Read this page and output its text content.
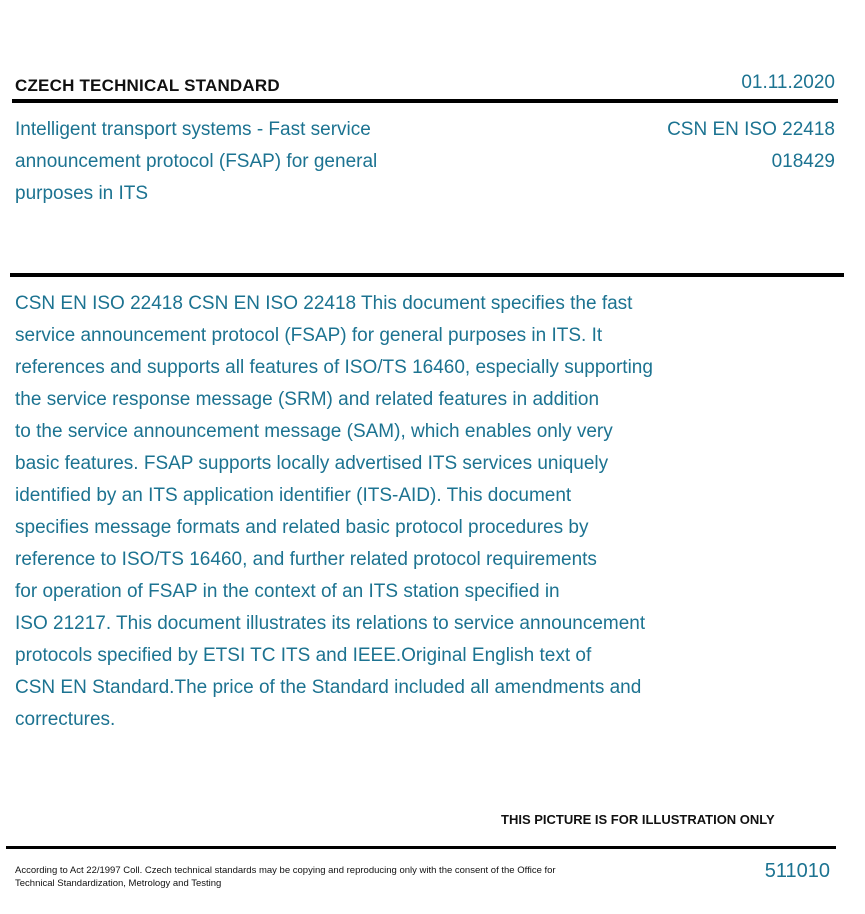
CZECH TECHNICAL STANDARD	01.11.2020
Intelligent transport systems - Fast service announcement protocol (FSAP) for general purposes in ITS
CSN EN ISO 22418
018429
CSN EN ISO 22418 CSN EN ISO 22418 This document specifies the fast
service announcement protocol (FSAP) for general purposes in ITS. It
references and supports all features of ISO/TS 16460, especially supporting
the service response message (SRM) and related features in addition
to the service announcement message (SAM), which enables only very
basic features. FSAP supports locally advertised ITS services uniquely
identified by an ITS application identifier (ITS-AID). This document
specifies message formats and related basic protocol procedures by
reference to ISO/TS 16460, and further related protocol requirements
for operation of FSAP in the context of an ITS station specified in
ISO 21217. This document illustrates its relations to service announcement
protocols specified by ETSI TC ITS and IEEE.Original English text of
CSN EN Standard.The price of the Standard included all amendments and
correctures.
THIS PICTURE IS FOR ILLUSTRATION ONLY
According to Act 22/1997 Coll. Czech technical standards may be copying and reproducing only with the consent of the Office for Technical Standardization, Metrology and Testing
511010
